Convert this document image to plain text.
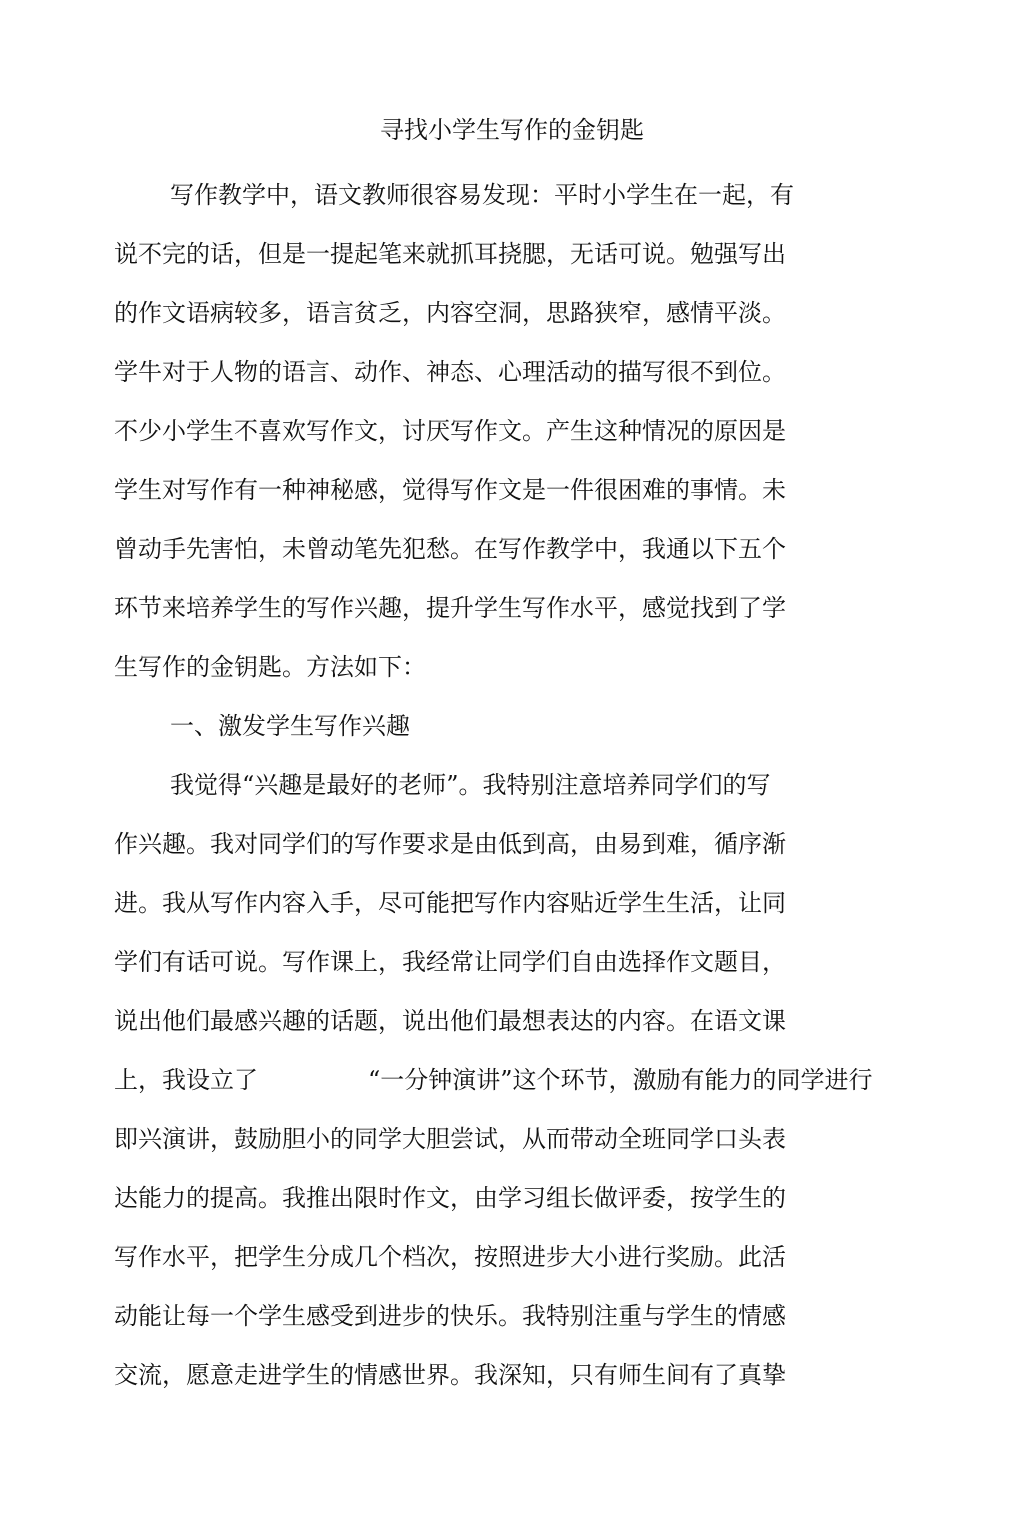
寻找小学生写作的金钥匙
写作教学中，语文教师很容易发现：平时小学生在一起，有
说不完的话，但是一提起笔来就抓耳挠腮，无话可说。勉强写出
的作文语病较多，语言贫乏，内容空洞，思路狭窄，感情平淡。
学牛对于人物的语言、动作、神态、心理活动的描写很不到位。
不少小学生不喜欢写作文，讨厌写作文。产生这种情况的原因是
学生对写作有一种神秘感，觉得写作文是一件很困难的事情。未
曾动手先害怕，未曾动笔先犯愁。在写作教学中，我通以下五个
环节来培养学生的写作兴趣，提升学生写作水平，感觉找到了学
生写作的金钥匙。方法如下：
一、激发学生写作兴趣
我觉得“兴趣是最好的老师”。我特别注意培养同学们的写
作兴趣。我对同学们的写作要求是由低到高，由易到难，循序渐
进。我从写作内容入手，尽可能把写作内容贴近学生生活，让同
学们有话可说。写作课上，我经常让同学们自由选择作文题目，
说出他们最感兴趣的话题，说出他们最想表达的内容。在语文课
上，我设立了	“一分钟演讲”这个环节，激励有能力的同学进行
即兴演讲，鼓励胆小的同学大胆尝试，从而带动全班同学口头表
达能力的提高。我推出限时作文，由学习组长做评委，按学生的
写作水平，把学生分成几个档次，按照进步大小进行奖励。此活
动能让每一个学生感受到进步的快乐。我特别注重与学生的情感
交流，愿意走进学生的情感世界。我深知，只有师生间有了真挚
